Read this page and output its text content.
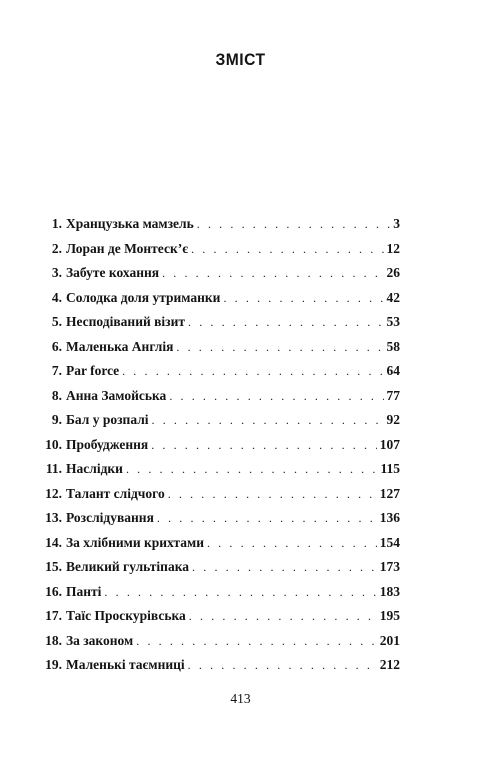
ЗМІСТ
1. Хранцузька мамзель . . .	3
2. Лоран де Монтеск’є . . .	12
3. Забуте кохання . . .	26
4. Солодка доля утриманки . . .	42
5. Несподіваний візит . . .	53
6. Маленька Англія . . .	58
7. Par force . . .	64
8. Анна Замойська . . .	77
9. Бал у розпалі . . .	92
10. Пробудження . . .	107
11. Наслідки . . .	115
12. Талант слідчого . . .	127
13. Розслідування . . .	136
14. За хлібними крихтами . . .	154
15. Великий гультіпака . . .	173
16. Панті . . .	183
17. Таїс Проскурівська . . .	195
18. За законом . . .	201
19. Маленькі таємниці . . .	212
413
